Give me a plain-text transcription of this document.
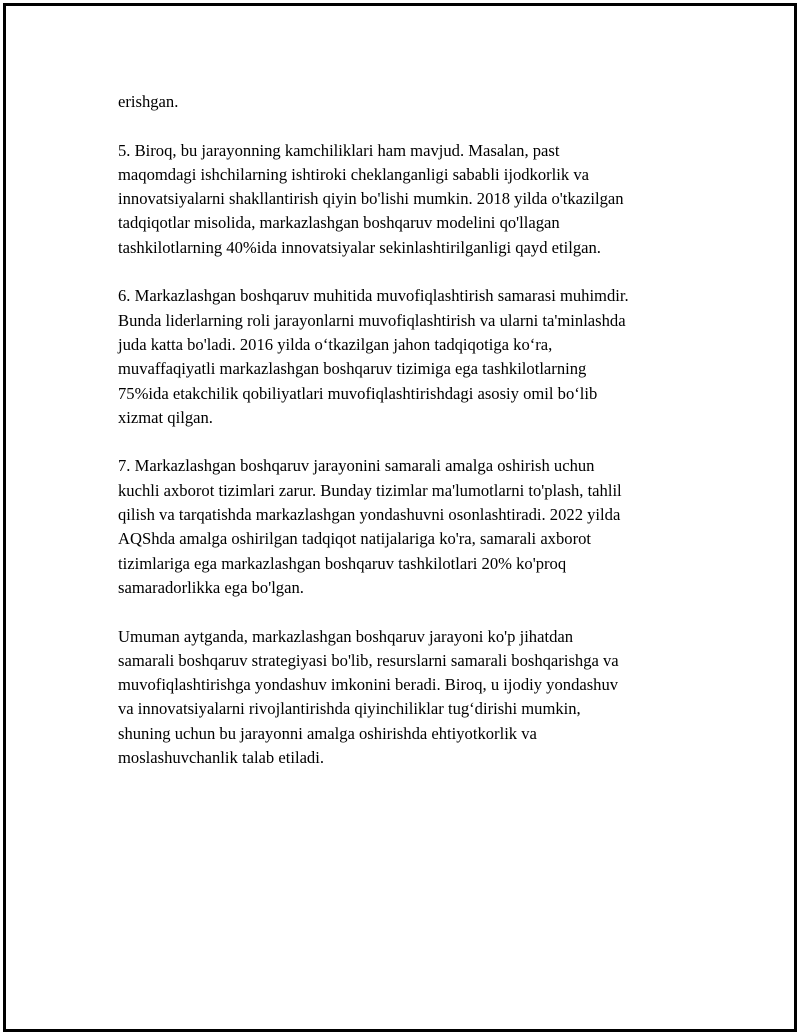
erishgan.

5. Biroq, bu jarayonning kamchiliklari ham mavjud. Masalan, past
maqomdagi ishchilarning ishtiroki cheklanganligi sababli ijodkorlik va
innovatsiyalarni shakllantirish qiyin bo'lishi mumkin. 2018 yilda o'tkazilgan
tadqiqotlar misolida, markazlashgan boshqaruv modelini qo'llagan
tashkilotlarning 40%ida innovatsiyalar sekinlashtirilganligi qayd etilgan.

6. Markazlashgan boshqaruv muhitida muvofiqlashtirish samarasi muhimdir.
Bunda liderlarning roli jarayonlarni muvofiqlashtirish va ularni ta'minlashda
juda katta bo'ladi. 2016 yilda o‘tkazilgan jahon tadqiqotiga ko‘ra,
muvaffaqiyatli markazlashgan boshqaruv tizimiga ega tashkilotlarning
75%ida etakchilik qobiliyatlari muvofiqlashtirishdagi asosiy omil bo‘lib
xizmat qilgan.

7. Markazlashgan boshqaruv jarayonini samarali amalga oshirish uchun
kuchli axborot tizimlari zarur. Bunday tizimlar ma'lumotlarni to'plash, tahlil
qilish va tarqatishda markazlashgan yondashuvni osonlashtiradi. 2022 yilda
AQShda amalga oshirilgan tadqiqot natijalariga ko'ra, samarali axborot
tizimlariga ega markazlashgan boshqaruv tashkilotlari 20% ko'proq
samaradorlikka ega bo'lgan.

Umuman aytganda, markazlashgan boshqaruv jarayoni ko'p jihatdan
samarali boshqaruv strategiyasi bo'lib, resurslarni samarali boshqarishga va
muvofiqlashtirishga yondashuv imkonini beradi. Biroq, u ijodiy yondashuv
va innovatsiyalarni rivojlantirishda qiyinchiliklar tug‘dirishi mumkin,
shuning uchun bu jarayonni amalga oshirishda ehtiyotkorlik va
moslashuvchanlik talab etiladi.
